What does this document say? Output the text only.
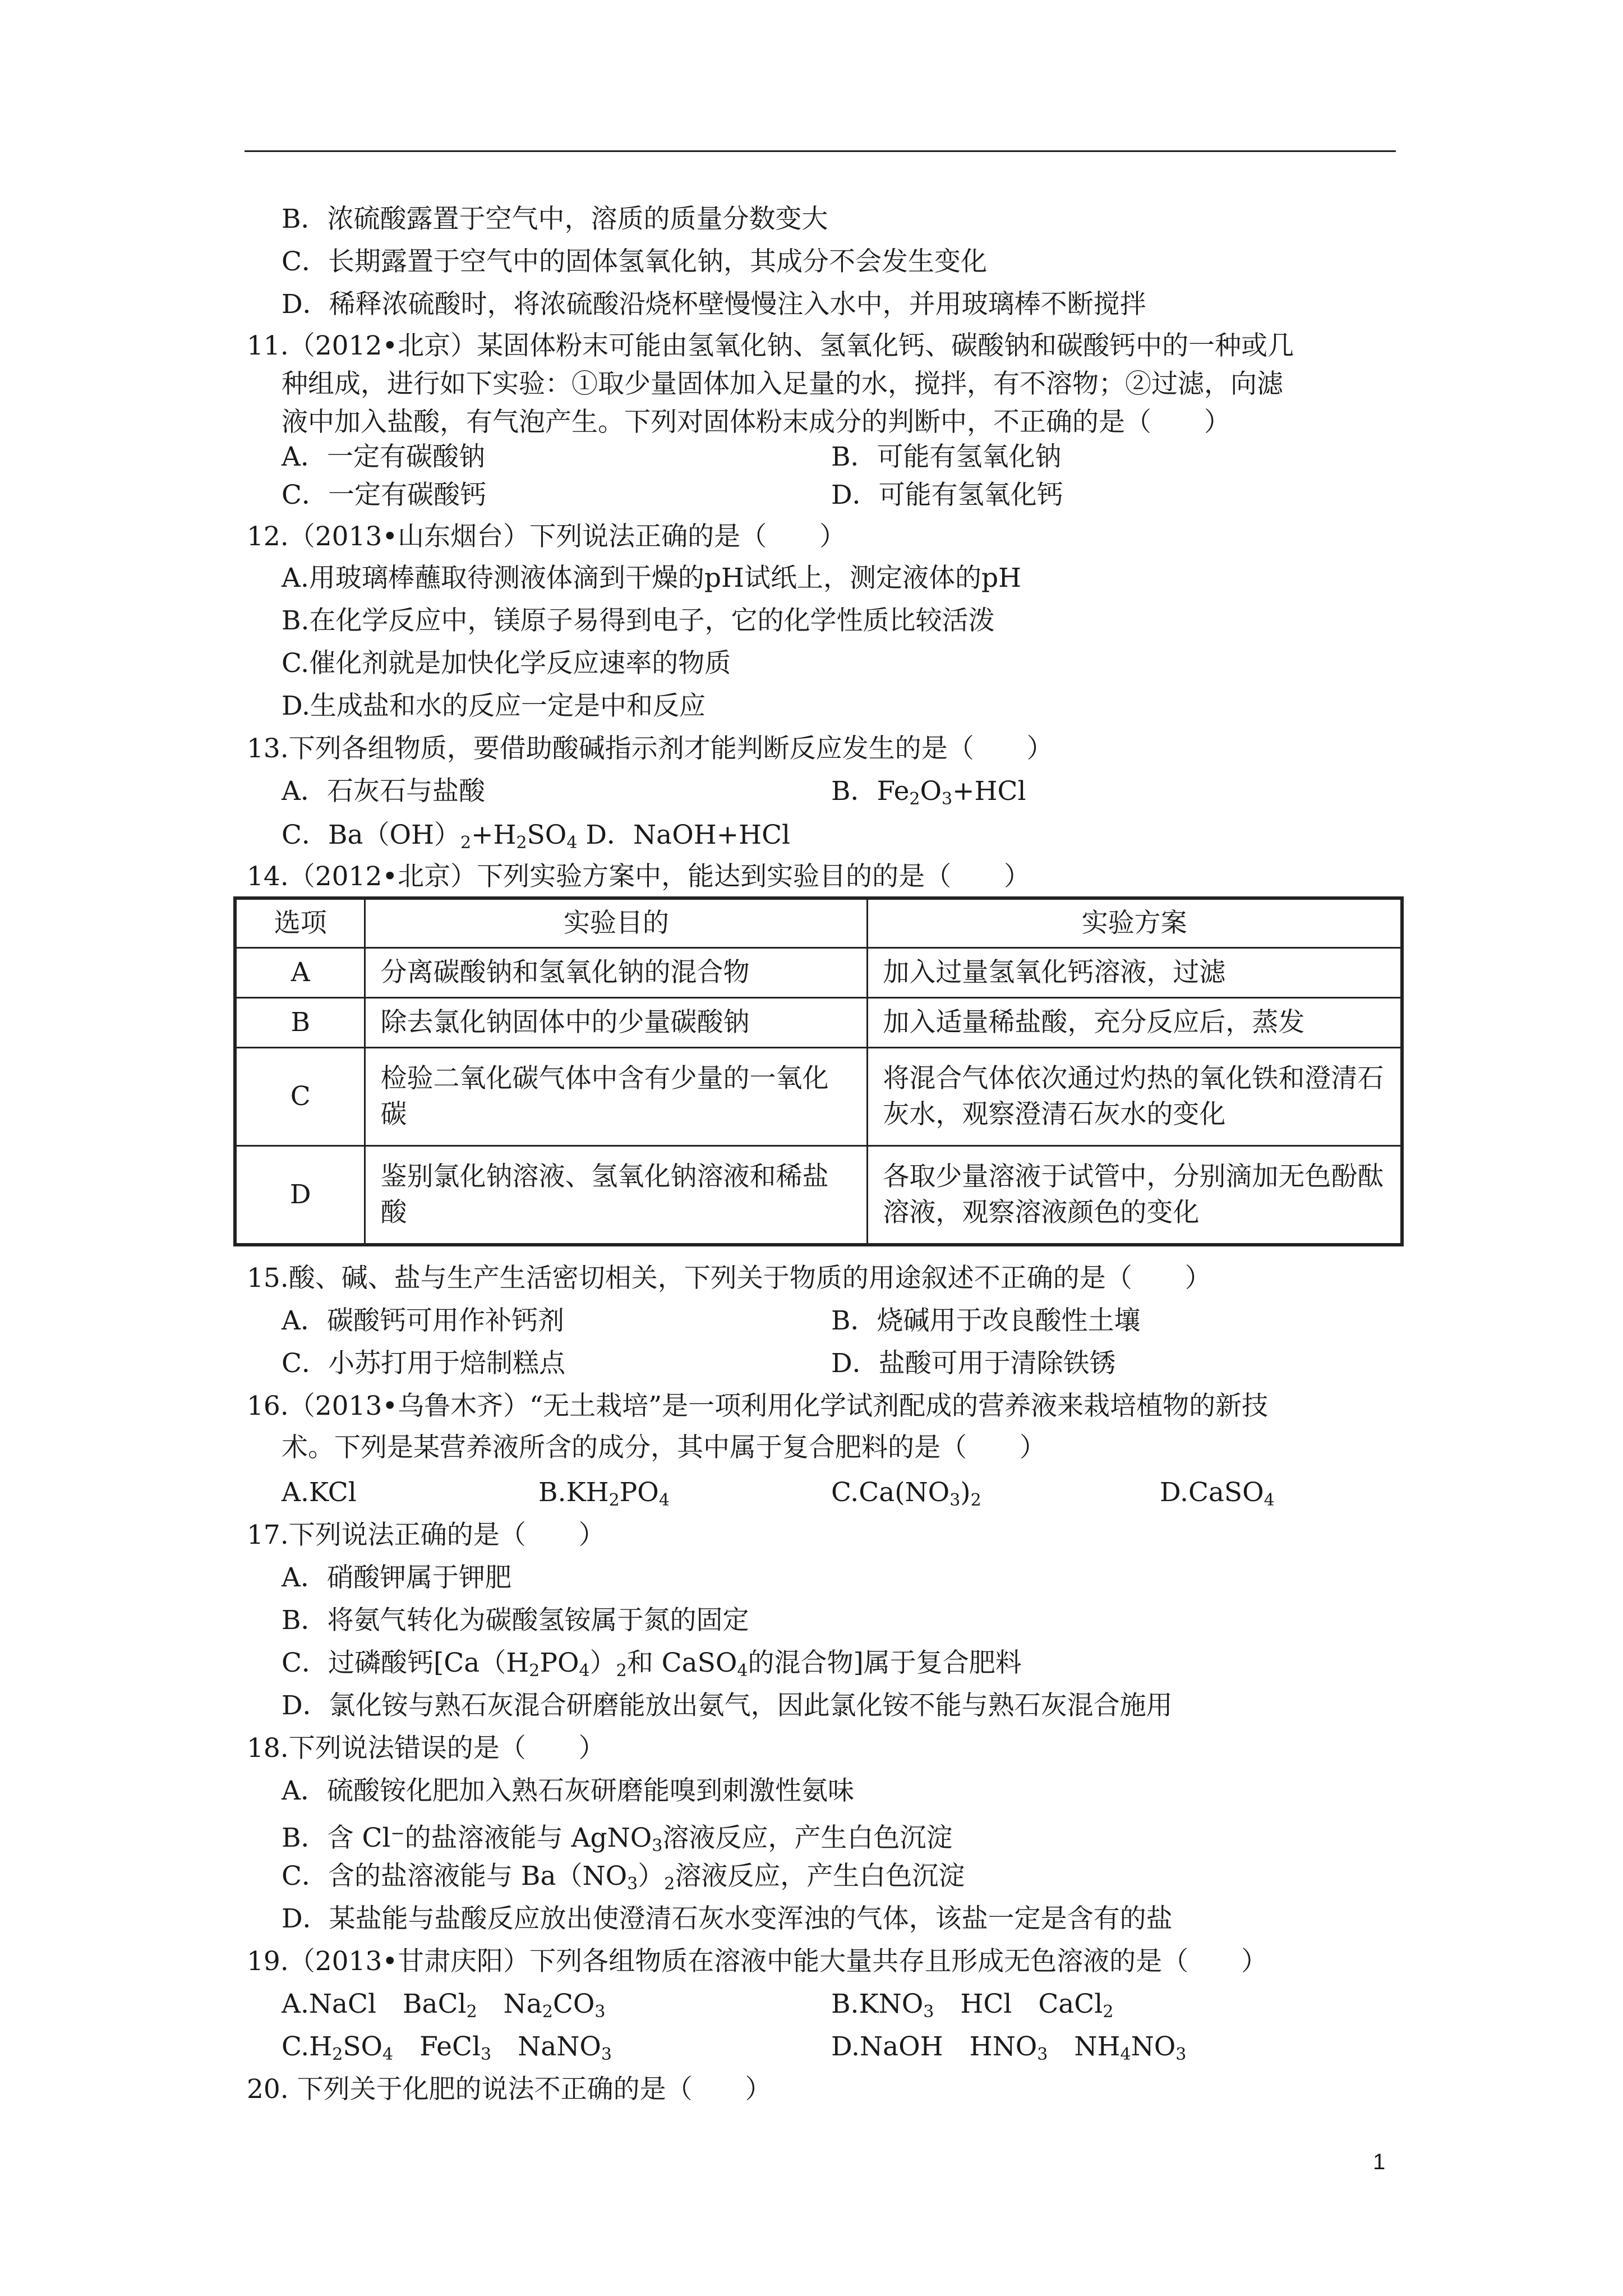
B．浓硫酸露置于空气中，溶质的质量分数变大
C．长期露置于空气中的固体氢氧化钠，其成分不会发生变化
D．稀释浓硫酸时，将浓硫酸沿烧杯壁慢慢注入水中，并用玻璃棒不断搅拌
11.（2012•北京）某固体粉末可能由氢氧化钠、氢氧化钙、碳酸钠和碳酸钙中的一种或几
种组成，进行如下实验：①取少量固体加入足量的水，搅拌，有不溶物；②过滤，向滤
液中加入盐酸，有气泡产生。下列对固体粉末成分的判断中，不正确的是（　　）
A．一定有碳酸钠	B．可能有氢氧化钠
C．一定有碳酸钙	D．可能有氢氧化钙
12.（2013•山东烟台）下列说法正确的是（　　）
A.用玻璃棒蘸取待测液体滴到干燥的pH试纸上，测定液体的pH
B.在化学反应中，镁原子易得到电子，它的化学性质比较活泼
C.催化剂就是加快化学反应速率的物质
D.生成盐和水的反应一定是中和反应
13.下列各组物质，要借助酸碱指示剂才能判断反应发生的是（　　）
A．石灰石与盐酸	B．$Fe_2O_3+HCl$
C．$Ba(OH)_2+H_2SO_4$ D．NaOH+HCl
14.（2012•北京）下列实验方案中，能达到实验目的的是（　　）
选项	实验目的	实验方案
A	分离碳酸钠和氢氧化钠的混合物	加入过量氢氧化钙溶液，过滤
B	除去氯化钠固体中的少量碳酸钠	加入适量稀盐酸，充分反应后，蒸发
C	检验二氧化碳气体中含有少量的一氧化碳	将混合气体依次通过灼热的氧化铁和澄清石灰水，观察澄清石灰水的变化
D	鉴别氯化钠溶液、氢氧化钠溶液和稀盐酸	各取少量溶液于试管中，分别滴加无色酚酞溶液，观察溶液颜色的变化
15.酸、碱、盐与生产生活密切相关，下列关于物质的用途叙述不正确的是（　　）
A．碳酸钙可用作补钙剂	B．烧碱用于改良酸性土壤
C．小苏打用于焙制糕点	D．盐酸可用于清除铁锈
16.（2013•乌鲁木齐）“无土栽培”是一项利用化学试剂配成的营养液来栽培植物的新技
术。下列是某营养液所含的成分，其中属于复合肥料的是（　　）
A.KCl	$B.KH_2PO_4$	$C.Ca(NO_3)_2$	D.CaSO$_4$
17.下列说法正确的是（　　）
A．硝酸钾属于钾肥
B．将氨气转化为碳酸氢铵属于氮的固定
C．过磷酸钙[$Ca(H_2PO_4)_2$和 CaSO$_4$的混合物]属于复合肥料
D．氯化铵与熟石灰混合研磨能放出氨气，因此氯化铵不能与熟石灰混合施用
18.下列说法错误的是（　　）
A．硫酸铵化肥加入熟石灰研磨能嗅到刺激性氨味
B．含 Cl−的盐溶液能与 AgNO$_3$溶液反应，产生白色沉淀
C．含的盐溶液能与 $Ba(NO_3)_2$溶液反应，产生白色沉淀
D．某盐能与盐酸反应放出使澄清石灰水变浑浊的气体，该盐一定是含有的盐
19.（2013•甘肃庆阳）下列各组物质在溶液中能大量共存且形成无色溶液的是（　　）
A.NaCl　BaCl$_2$　$Na_2CO_3$	$B.KNO_3$　HCl　CaCl$_2$
$C.H_2SO_4$　FeCl$_3$　NaNO$_3$	D.NaOH　$HNO_3$　$NH_4NO_3$
20. 下列关于化肥的说法不正确的是（　　）
1
